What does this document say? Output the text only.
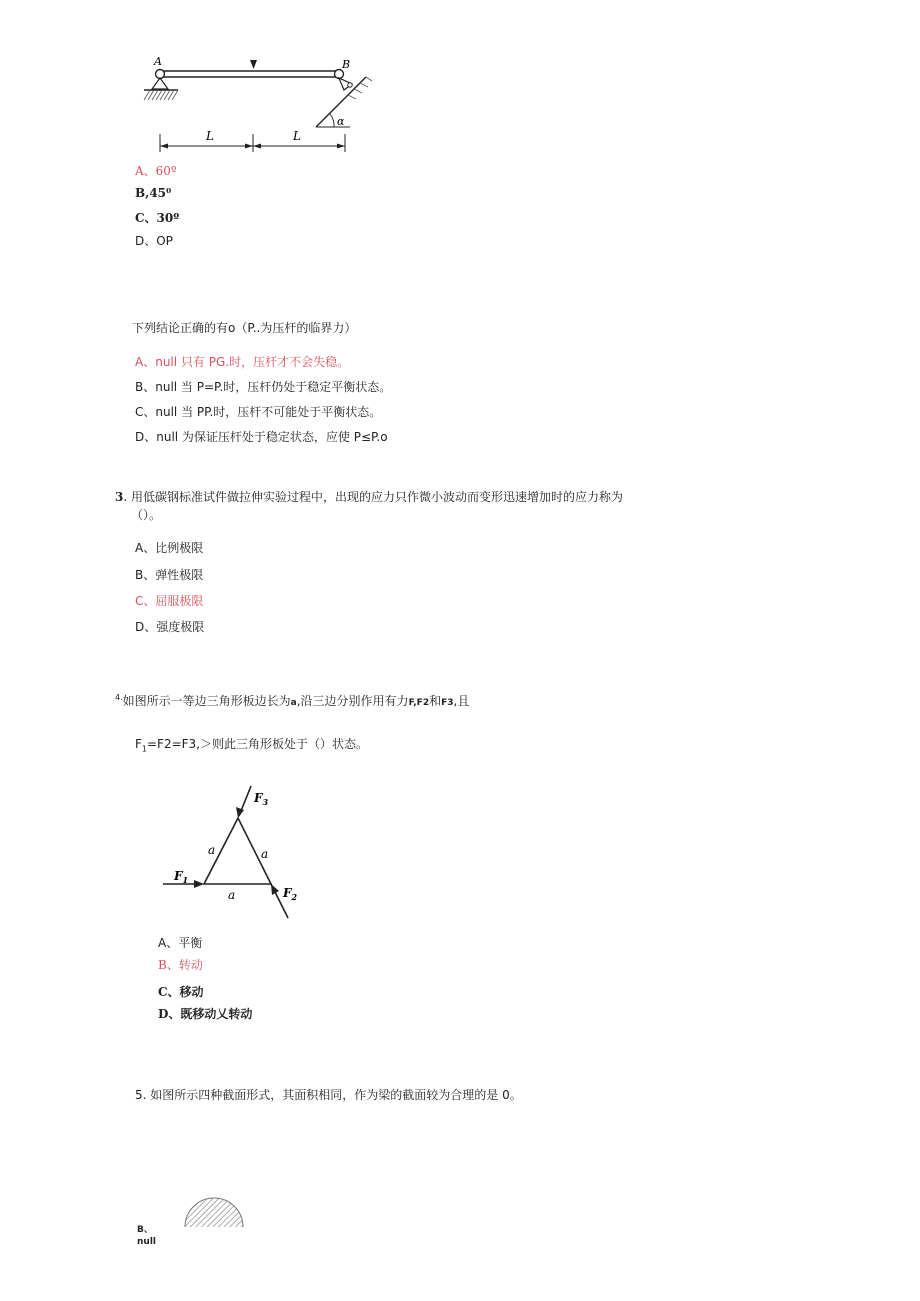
α
A	B
L	L
A、60º
B,45⁰
C、30º
D、OP
下列结论正确的有o（P..为压杆的临界力）
A、null 只有 PG.时，压杆才不会失稳。
B、null 当 P=P.时，压杆仍处于稳定平衡状态。
C、null 当 PP.时，压杆不可能处于平衡状态。
D、null 为保证压杆处于稳定状态，应使 P≤P.o
3. 用低碳钢标准试件做拉伸实验过程中，出现的应力只作微小波动而变形迅速增加时的应力称为
（）。
A、比例极限
B、弹性极限
C、屈服极限
D、强度极限
$^{4.}$如图所示一等边三角形板边长为a,沿三边分别作用有力F,F2和F3,且
$F_1=F2=F3,>$则此三角形板处于（）状态。
$F_1$
$F_3$
$F_2$
a	a
a
A、平衡
B、转动
C、移动
D、既移动乂转动
5. 如图所示四种截面形式，其面积相同，作为梁的截面较为合理的是 0。
B、
null
